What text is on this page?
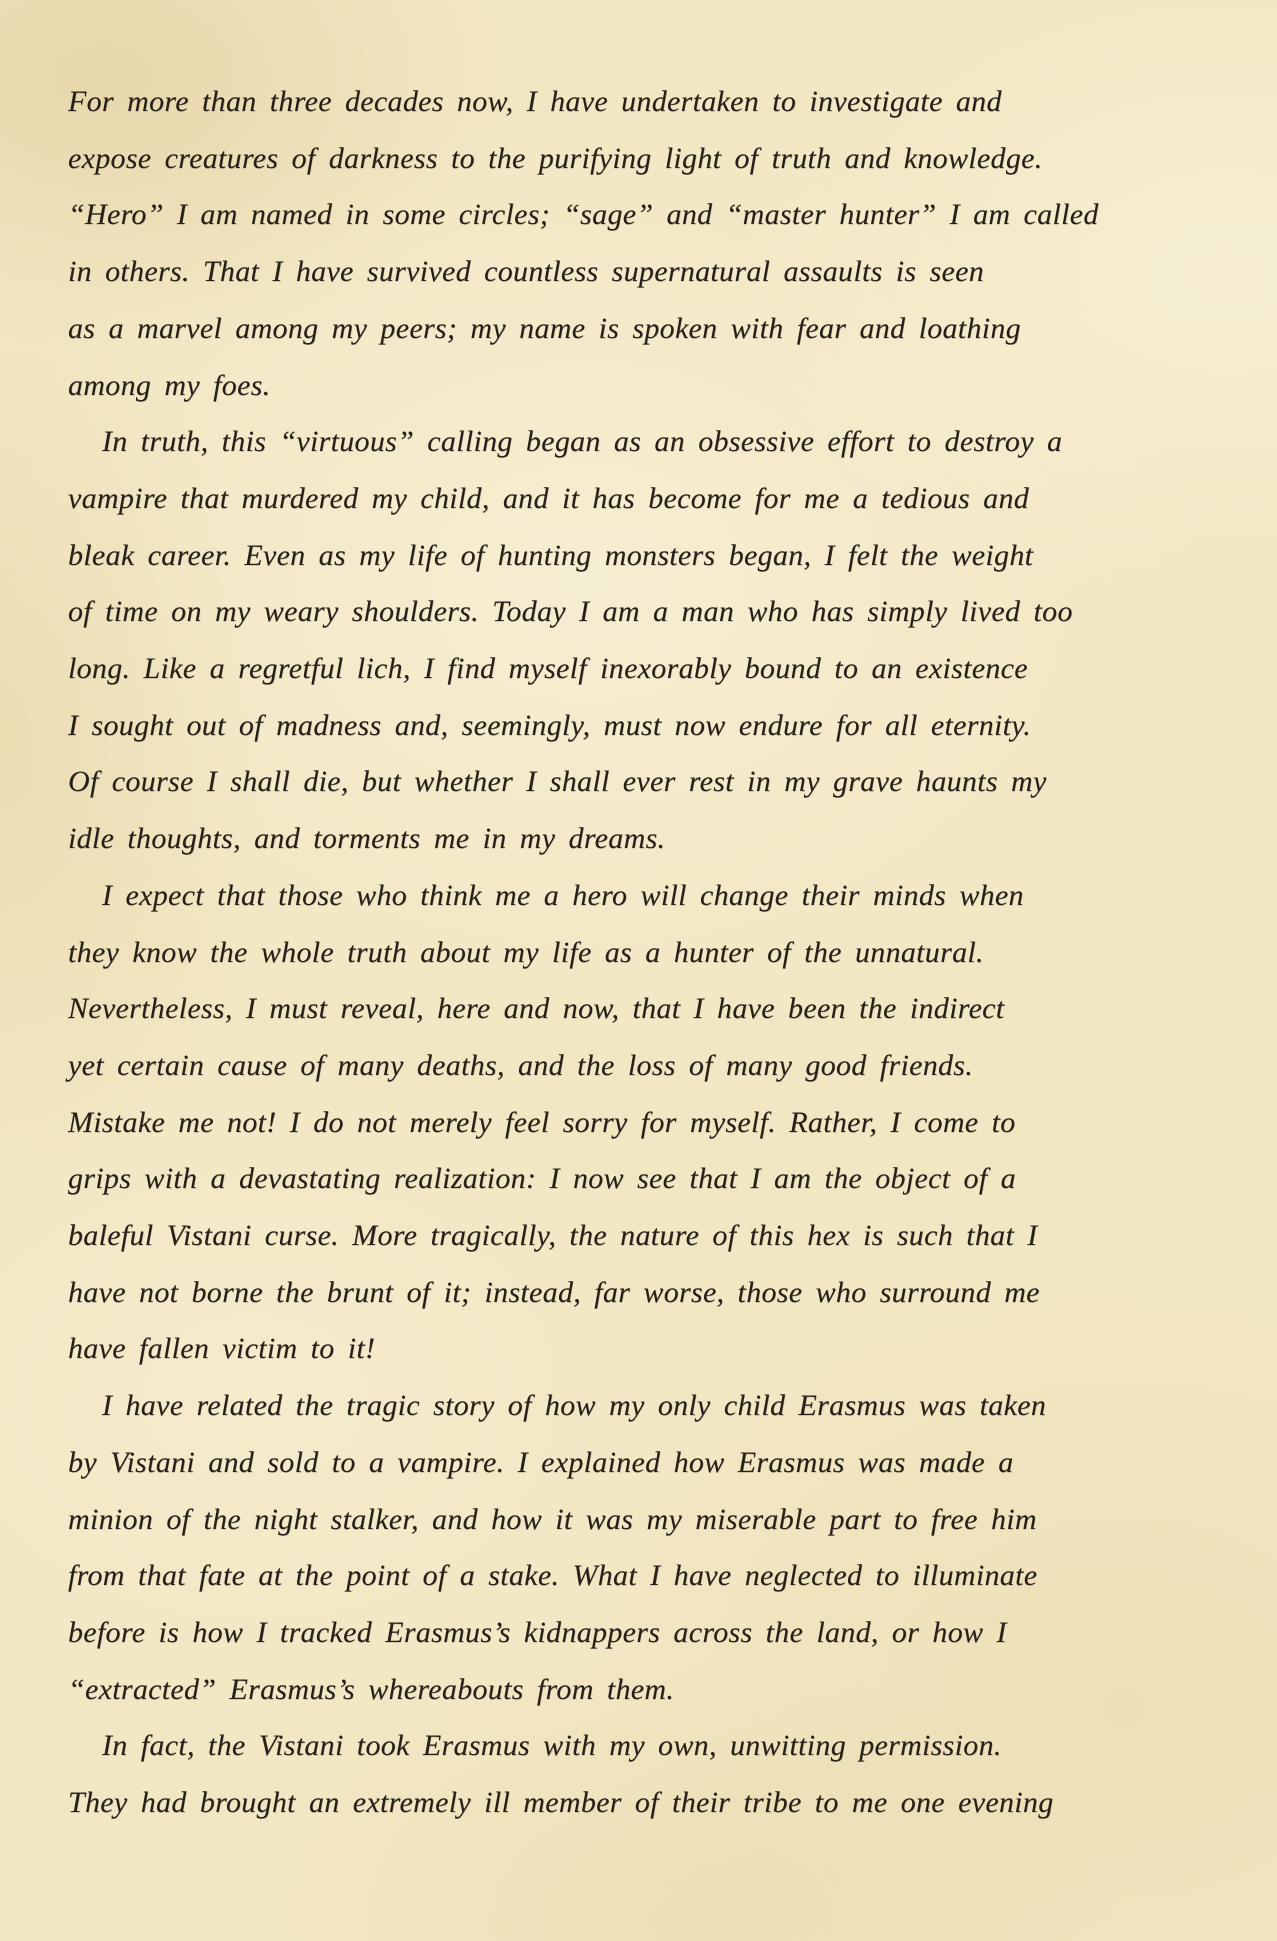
For more than three decades now, I have undertaken to investigate and
expose creatures of darkness to the purifying light of truth and knowledge.
“Hero” I am named in some circles; “sage” and “master hunter” I am called
in others. That I have survived countless supernatural assaults is seen
as a marvel among my peers; my name is spoken with fear and loathing
among my foes.
In truth, this “virtuous” calling began as an obsessive effort to destroy a
vampire that murdered my child, and it has become for me a tedious and
bleak career. Even as my life of hunting monsters began, I felt the weight
of time on my weary shoulders. Today I am a man who has simply lived too
long. Like a regretful lich, I find myself inexorably bound to an existence
I sought out of madness and, seemingly, must now endure for all eternity.
Of course I shall die, but whether I shall ever rest in my grave haunts my
idle thoughts, and torments me in my dreams.
I expect that those who think me a hero will change their minds when
they know the whole truth about my life as a hunter of the unnatural.
Nevertheless, I must reveal, here and now, that I have been the indirect
yet certain cause of many deaths, and the loss of many good friends.
Mistake me not! I do not merely feel sorry for myself. Rather, I come to
grips with a devastating realization: I now see that I am the object of a
baleful Vistani curse. More tragically, the nature of this hex is such that I
have not borne the brunt of it; instead, far worse, those who surround me
have fallen victim to it!
I have related the tragic story of how my only child Erasmus was taken
by Vistani and sold to a vampire. I explained how Erasmus was made a
minion of the night stalker, and how it was my miserable part to free him
from that fate at the point of a stake. What I have neglected to illuminate
before is how I tracked Erasmus’s kidnappers across the land, or how I
“extracted” Erasmus’s whereabouts from them.
In fact, the Vistani took Erasmus with my own, unwitting permission.
They had brought an extremely ill member of their tribe to me one evening
